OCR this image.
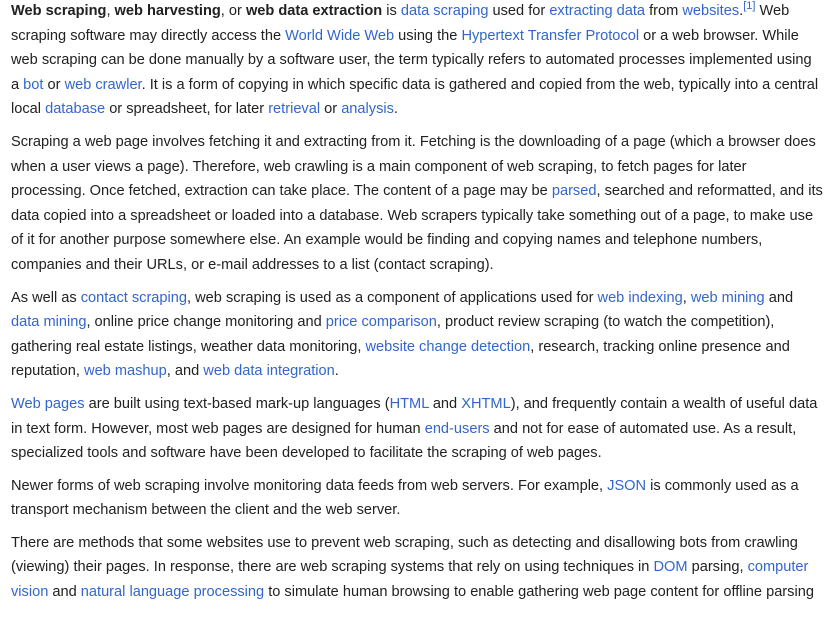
Web scraping, web harvesting, or web data extraction is data scraping used for extracting data from websites.[1] Web scraping software may directly access the World Wide Web using the Hypertext Transfer Protocol or a web browser. While web scraping can be done manually by a software user, the term typically refers to automated processes implemented using a bot or web crawler. It is a form of copying in which specific data is gathered and copied from the web, typically into a central local database or spreadsheet, for later retrieval or analysis.

Scraping a web page involves fetching it and extracting from it. Fetching is the downloading of a page (which a browser does when a user views a page). Therefore, web crawling is a main component of web scraping, to fetch pages for later processing. Once fetched, extraction can take place. The content of a page may be parsed, searched and reformatted, and its data copied into a spreadsheet or loaded into a database. Web scrapers typically take something out of a page, to make use of it for another purpose somewhere else. An example would be finding and copying names and telephone numbers, companies and their URLs, or e-mail addresses to a list (contact scraping).

As well as contact scraping, web scraping is used as a component of applications used for web indexing, web mining and data mining, online price change monitoring and price comparison, product review scraping (to watch the competition), gathering real estate listings, weather data monitoring, website change detection, research, tracking online presence and reputation, web mashup, and web data integration.

Web pages are built using text-based mark-up languages (HTML and XHTML), and frequently contain a wealth of useful data in text form. However, most web pages are designed for human end-users and not for ease of automated use. As a result, specialized tools and software have been developed to facilitate the scraping of web pages.

Newer forms of web scraping involve monitoring data feeds from web servers. For example, JSON is commonly used as a transport mechanism between the client and the web server.

There are methods that some websites use to prevent web scraping, such as detecting and disallowing bots from crawling (viewing) their pages. In response, there are web scraping systems that rely on using techniques in DOM parsing, computer vision and natural language processing to simulate human browsing to enable gathering web page content for offline parsing
